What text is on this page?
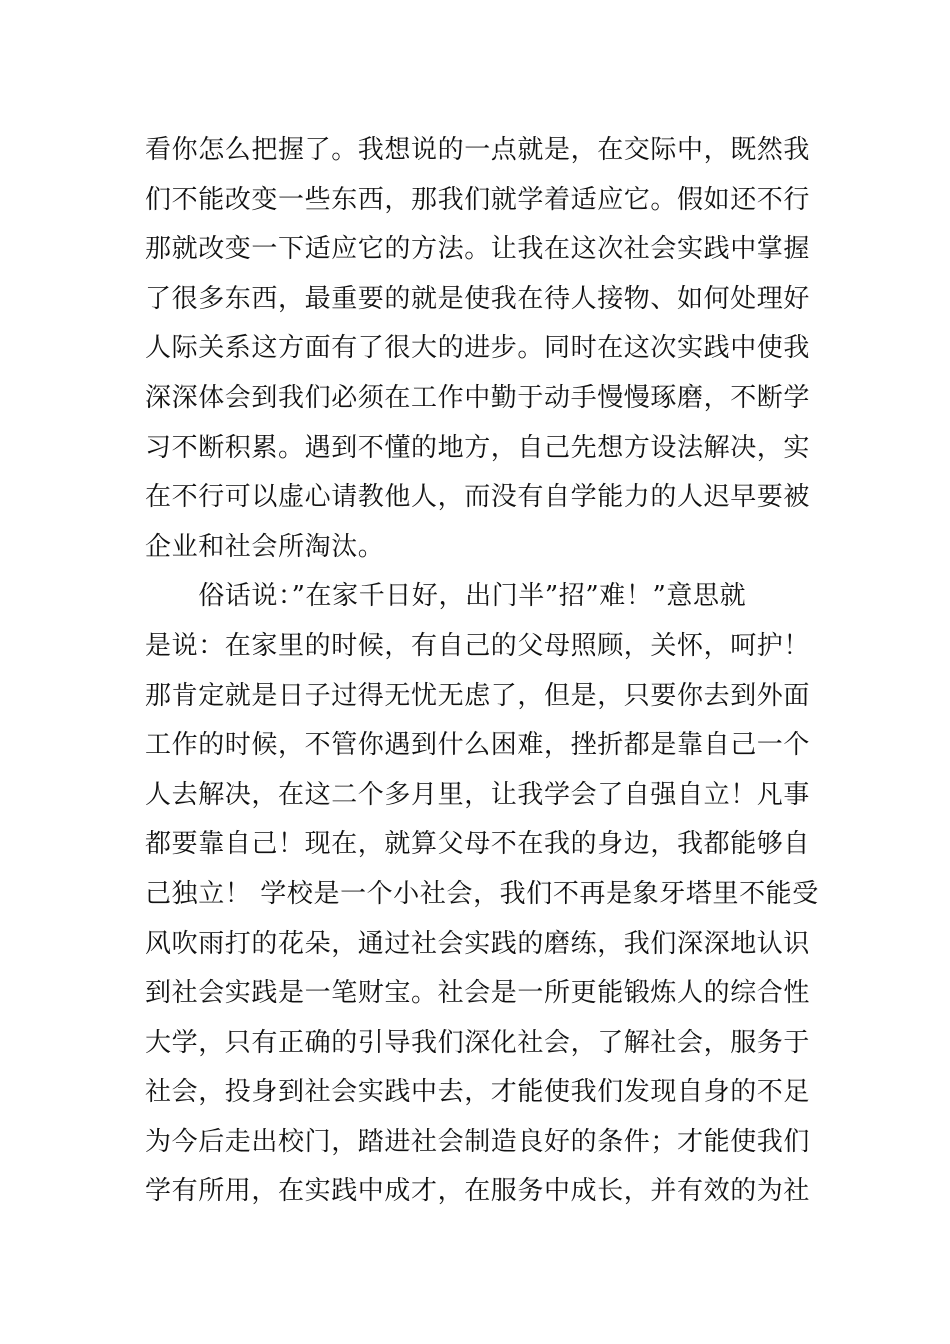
看你怎么把握了。我想说的一点就是，在交际中，既然我
们不能改变一些东西，那我们就学着适应它。假如还不行
那就改变一下适应它的方法。让我在这次社会实践中掌握
了很多东西，最重要的就是使我在待人接物、如何处理好
人际关系这方面有了很大的进步。同时在这次实践中使我
深深体会到我们必须在工作中勤于动手慢慢琢磨，不断学
习不断积累。遇到不懂的地方，自己先想方设法解决，实
在不行可以虚心请教他人，而没有自学能力的人迟早要被
企业和社会所淘汰。
　　俗话说：”在家千日好，出门半”招”难！”意思就
是说：在家里的时候，有自己的父母照顾，关怀，呵护！
那肯定就是日子过得无忧无虑了，但是，只要你去到外面
工作的时候，不管你遇到什么困难，挫折都是靠自己一个
人去解决，在这二个多月里，让我学会了自强自立！凡事
都要靠自己！现在，就算父母不在我的身边，我都能够自
己独立！ 学校是一个小社会，我们不再是象牙塔里不能受
风吹雨打的花朵，通过社会实践的磨练，我们深深地认识
到社会实践是一笔财宝。社会是一所更能锻炼人的综合性
大学，只有正确的引导我们深化社会，了解社会，服务于
社会，投身到社会实践中去，才能使我们发现自身的不足
为今后走出校门，踏进社会制造良好的条件；才能使我们
学有所用，在实践中成才，在服务中成长，并有效的为社
